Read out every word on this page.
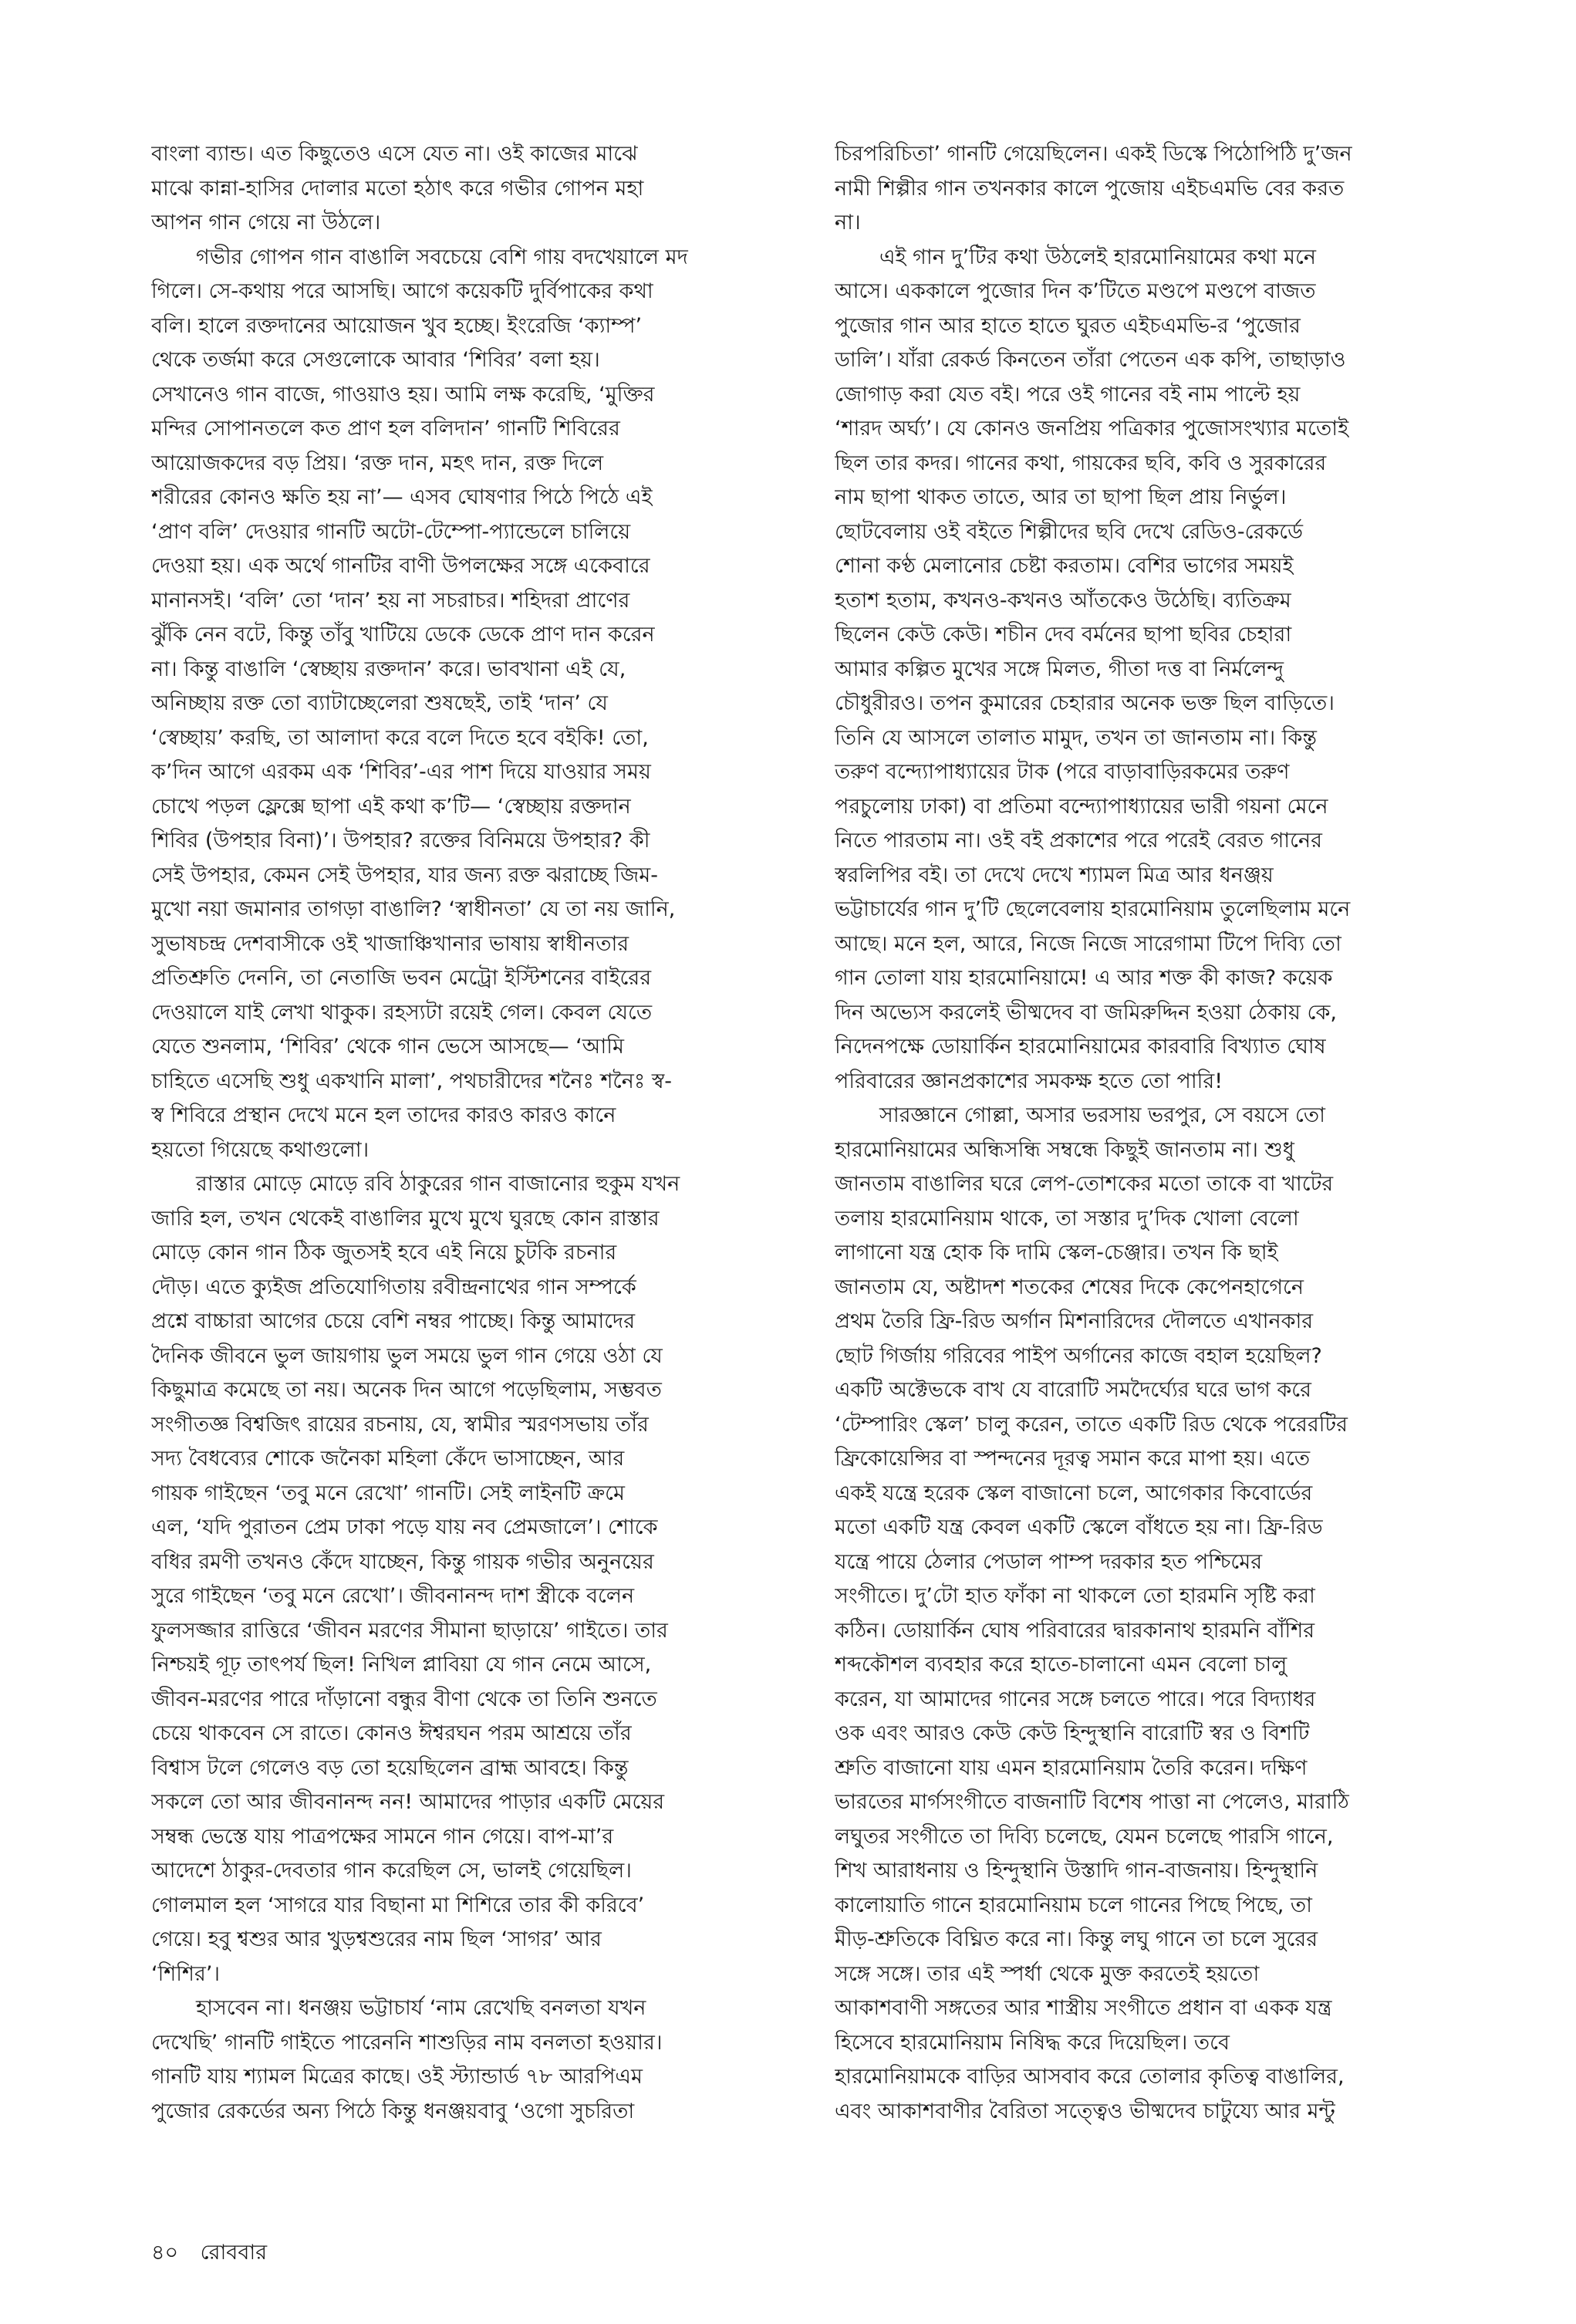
বাংলা ব্যান্ড। এত কিছুতেও এসে যেত না। ওই কাজের মাঝে
মাঝে কান্না-হাসির দোলার মতো হঠাৎ করে গভীর গোপন মহা
আপন গান গেয়ে না উঠলে।
গভীর গোপন গান বাঙালি সবচেয়ে বেশি গায় বদখেয়ালে মদ
গিলে। সে-কথায় পরে আসছি। আগে কয়েকটি দুর্বিপাকের কথা
বলি। হালে রক্তদানের আয়োজন খুব হচ্ছে। ইংরেজি ‘ক্যাম্প’
থেকে তর্জমা করে সেগুলোকে আবার ‘শিবির’ বলা হয়।
সেখানেও গান বাজে, গাওয়াও হয়। আমি লক্ষ করেছি, ‘মুক্তির
মন্দির সোপানতলে কত প্রাণ হল বলিদান’ গানটি শিবিরের
আয়োজকদের বড় প্রিয়। ‘রক্ত দান, মহৎ দান, রক্ত দিলে
শরীরের কোনও ক্ষতি হয় না’— এসব ঘোষণার পিঠে পিঠে এই
‘প্রাণ বলি’ দেওয়ার গানটি অটো-টেম্পো-প্যান্ডেলে চালিয়ে
দেওয়া হয়। এক অর্থে গানটির বাণী উপলক্ষের সঙ্গে একেবারে
মানানসই। ‘বলি’ তো ‘দান’ হয় না সচরাচর। শহিদরা প্রাণের
ঝুঁকি নেন বটে, কিন্তু তাঁবু খাটিয়ে ডেকে ডেকে প্রাণ দান করেন
না। কিন্তু বাঙালি ‘স্বেচ্ছায় রক্তদান’ করে। ভাবখানা এই যে,
অনিচ্ছায় রক্ত তো ব্যাটাচ্ছেলেরা শুষছেই, তাই ‘দান’ যে
‘স্বেচ্ছায়’ করছি, তা আলাদা করে বলে দিতে হবে বইকি! তো,
ক’দিন আগে এরকম এক ‘শিবির’-এর পাশ দিয়ে যাওয়ার সময়
চোখে পড়ল ফ্লেক্সে ছাপা এই কথা ক’টি— ‘স্বেচ্ছায় রক্তদান
শিবির (উপহার বিনা)’। উপহার? রক্তের বিনিময়ে উপহার? কী
সেই উপহার, কেমন সেই উপহার, যার জন্য রক্ত ঝরাচ্ছে জিম-
মুখো নয়া জমানার তাগড়া বাঙালি? ‘স্বাধীনতা’ যে তা নয় জানি,
সুভাষচন্দ্র দেশবাসীকে ওই খাজাঞ্চিখানার ভাষায় স্বাধীনতার
প্রতিশ্রুতি দেননি, তা নেতাজি ভবন মেট্রো ইস্টিশনের বাইরের
দেওয়ালে যাই লেখা থাকুক। রহস্যটা রয়েই গেল। কেবল যেতে
যেতে শুনলাম, ‘শিবির’ থেকে গান ভেসে আসছে— ‘আমি
চাহিতে এসেছি শুধু একখানি মালা’, পথচারীদের শনৈঃ শনৈঃ স্ব-
স্ব শিবিরে প্রস্থান দেখে মনে হল তাদের কারও কারও কানে
হয়তো গিয়েছে কথাগুলো।
রাস্তার মোড়ে মোড়ে রবি ঠাকুরের গান বাজানোর হুকুম যখন
জারি হল, তখন থেকেই বাঙালির মুখে মুখে ঘুরছে কোন রাস্তার
মোড়ে কোন গান ঠিক জুতসই হবে এই নিয়ে চুটকি রচনার
দৌড়। এতে ক্যুইজ প্রতিযোগিতায় রবীন্দ্রনাথের গান সম্পর্কে
প্রশ্নে বাচ্চারা আগের চেয়ে বেশি নম্বর পাচ্ছে। কিন্তু আমাদের
দৈনিক জীবনে ভুল জায়গায় ভুল সময়ে ভুল গান গেয়ে ওঠা যে
কিছুমাত্র কমেছে তা নয়। অনেক দিন আগে পড়েছিলাম, সম্ভবত
সংগীতজ্ঞ বিশ্বজিৎ রায়ের রচনায়, যে, স্বামীর স্মরণসভায় তাঁর
সদ্য বৈধব্যের শোকে জনৈকা মহিলা কেঁদে ভাসাচ্ছেন, আর
গায়ক গাইছেন ‘তবু মনে রেখো’ গানটি। সেই লাইনটি ক্রমে
এল, ‘যদি পুরাতন প্রেম ঢাকা পড়ে যায় নব প্রেমজালে’। শোকে
বধির রমণী তখনও কেঁদে যাচ্ছেন, কিন্তু গায়ক গভীর অনুনয়ের
সুরে গাইছেন ‘তবু মনে রেখো’। জীবনানন্দ দাশ স্ত্রীকে বলেন
ফুলসজ্জার রাত্তিরে ‘জীবন মরণের সীমানা ছাড়ায়ে’ গাইতে। তার
নিশ্চয়ই গূঢ় তাৎপর্য ছিল! নিখিল প্লাবিয়া যে গান নেমে আসে,
জীবন-মরণের পারে দাঁড়ানো বন্ধুর বীণা থেকে তা তিনি শুনতে
চেয়ে থাকবেন সে রাতে। কোনও ঈশ্বরঘন পরম আশ্রয়ে তাঁর
বিশ্বাস টলে গেলেও বড় তো হয়েছিলেন ব্রাহ্ম আবহে। কিন্তু
সকলে তো আর জীবনানন্দ নন! আমাদের পাড়ার একটি মেয়ের
সম্বন্ধ ভেস্তে যায় পাত্রপক্ষের সামনে গান গেয়ে। বাপ-মা’র
আদেশে ঠাকুর-দেবতার গান করেছিল সে, ভালই গেয়েছিল।
গোলমাল হল ‘সাগরে যার বিছানা মা শিশিরে তার কী করিবে’
গেয়ে। হবু শ্বশুর আর খুড়শ্বশুরের নাম ছিল ‘সাগর’ আর
‘শিশির’।
হাসবেন না। ধনঞ্জয় ভট্টাচার্য ‘নাম রেখেছি বনলতা যখন
দেখেছি’ গানটি গাইতে পারেননি শাশুড়ির নাম বনলতা হওয়ার।
গানটি যায় শ্যামল মিত্রের কাছে। ওই স্ট্যান্ডার্ড ৭৮ আরপিএম
পুজোর রেকর্ডের অন্য পিঠে কিন্তু ধনঞ্জয়বাবু ‘ওগো সুচরিতা
চিরপরিচিতা’ গানটি গেয়েছিলেন। একই ডিস্কে পিঠোপিঠি দু’জন
নামী শিল্পীর গান তখনকার কালে পুজোয় এইচএমভি বের করত
না।
এই গান দু’টির কথা উঠলেই হারমোনিয়ামের কথা মনে
আসে। এককালে পুজোর দিন ক’টিতে মণ্ডপে মণ্ডপে বাজত
পুজোর গান আর হাতে হাতে ঘুরত এইচএমভি-র ‘পুজোর
ডালি’। যাঁরা রেকর্ড কিনতেন তাঁরা পেতেন এক কপি, তাছাড়াও
জোগাড় করা যেত বই। পরে ওই গানের বই নাম পাল্টে হয়
‘শারদ অর্ঘ্য’। যে কোনও জনপ্রিয় পত্রিকার পুজোসংখ্যার মতোই
ছিল তার কদর। গানের কথা, গায়কের ছবি, কবি ও সুরকারের
নাম ছাপা থাকত তাতে, আর তা ছাপা ছিল প্রায় নির্ভুল।
ছোটবেলায় ওই বইতে শিল্পীদের ছবি দেখে রেডিও-রেকর্ডে
শোনা কণ্ঠ মেলানোর চেষ্টা করতাম। বেশির ভাগের সময়ই
হতাশ হতাম, কখনও-কখনও আঁতকেও উঠেছি। ব্যতিক্রম
ছিলেন কেউ কেউ। শচীন দেব বর্মনের ছাপা ছবির চেহারা
আমার কল্পিত মুখের সঙ্গে মিলত, গীতা দত্ত বা নির্মলেন্দু
চৌধুরীরও। তপন কুমারের চেহারার অনেক ভক্ত ছিল বাড়িতে।
তিনি যে আসলে তালাত মামুদ, তখন তা জানতাম না। কিন্তু
তরুণ বন্দ্যোপাধ্যায়ের টাক (পরে বাড়াবাড়িরকমের তরুণ
পরচুলোয় ঢাকা) বা প্রতিমা বন্দ্যোপাধ্যায়ের ভারী গয়না মেনে
নিতে পারতাম না। ওই বই প্রকাশের পরে পরেই বেরত গানের
স্বরলিপির বই। তা দেখে দেখে শ্যামল মিত্র আর ধনঞ্জয়
ভট্টাচার্যের গান দু’টি ছেলেবেলায় হারমোনিয়াম তুলেছিলাম মনে
আছে। মনে হল, আরে, নিজে নিজে সারেগামা টিপে দিব্যি তো
গান তোলা যায় হারমোনিয়ামে! এ আর শক্ত কী কাজ? কয়েক
দিন অভ্যেস করলেই ভীষ্মদেব বা জমিরুদ্দিন হওয়া ঠেকায় কে,
নিদেনপক্ষে ডোয়ার্কিন হারমোনিয়ামের কারবারি বিখ্যাত ঘোষ
পরিবারের জ্ঞানপ্রকাশের সমকক্ষ হতে তো পারি!
সারজ্ঞানে গোল্লা, অসার ভরসায় ভরপুর, সে বয়সে তো
হারমোনিয়ামের অন্ধিসন্ধি সম্বন্ধে কিছুই জানতাম না। শুধু
জানতাম বাঙালির ঘরে লেপ-তোশকের মতো তাকে বা খাটের
তলায় হারমোনিয়াম থাকে, তা সস্তার দু’দিক খোলা বেলো
লাগানো যন্ত্র হোক কি দামি স্কেল-চেঞ্জার। তখন কি ছাই
জানতাম যে, অষ্টাদশ শতকের শেষের দিকে কেপেনহাগেনে
প্রথম তৈরি ফ্রি-রিড অর্গান মিশনারিদের দৌলতে এখানকার
ছোট গির্জায় গরিবের পাইপ অর্গানের কাজে বহাল হয়েছিল?
একটি অক্টেভকে বাখ যে বারোটি সমদৈর্ঘ্যের ঘরে ভাগ করে
‘টেম্পারিং স্কেল’ চালু করেন, তাতে একটি রিড থেকে পরেরটির
ফ্রিকোয়েন্সির বা স্পন্দনের দূরত্ব সমান করে মাপা হয়। এতে
একই যন্ত্রে হরেক স্কেল বাজানো চলে, আগেকার কিবোর্ডের
মতো একটি যন্ত্র কেবল একটি স্কেলে বাঁধতে হয় না। ফ্রি-রিড
যন্ত্রে পায়ে ঠেলার পেডাল পাম্প দরকার হত পশ্চিমের
সংগীতে। দু’টো হাত ফাঁকা না থাকলে তো হারমনি সৃষ্টি করা
কঠিন। ডোয়ার্কিন ঘোষ পরিবারের দ্বারকানাথ হারমনি বাঁশির
শব্দকৌশল ব্যবহার করে হাতে-চালানো এমন বেলো চালু
করেন, যা আমাদের গানের সঙ্গে চলতে পারে। পরে বিদ্যাধর
ওক এবং আরও কেউ কেউ হিন্দুস্থানি বারোটি স্বর ও বিশটি
শ্রুতি বাজানো যায় এমন হারমোনিয়াম তৈরি করেন। দক্ষিণ
ভারতের মার্গসংগীতে বাজনাটি বিশেষ পাত্তা না পেলেও, মারাঠি
লঘুতর সংগীতে তা দিব্যি চলেছে, যেমন চলেছে পারসি গানে,
শিখ আরাধনায় ও হিন্দুস্থানি উস্তাদি গান-বাজনায়। হিন্দুস্থানি
কালোয়াতি গানে হারমোনিয়াম চলে গানের পিছে পিছে, তা
মীড়-শ্রুতিকে বিঘ্নিত করে না। কিন্তু লঘু গানে তা চলে সুরের
সঙ্গে সঙ্গে। তার এই স্পর্ধা থেকে মুক্ত করতেই হয়তো
আকাশবাণী সঙ্গতের আর শাস্ত্রীয় সংগীতে প্রধান বা একক যন্ত্র
হিসেবে হারমোনিয়াম নিষিদ্ধ করে দিয়েছিল। তবে
হারমোনিয়ামকে বাড়ির আসবাব করে তোলার কৃতিত্ব বাঙালির,
এবং আকাশবাণীর বৈরিতা সত্ত্বেও ভীষ্মদেব চাটুয্যে আর মন্টু
৪০ রোববার
